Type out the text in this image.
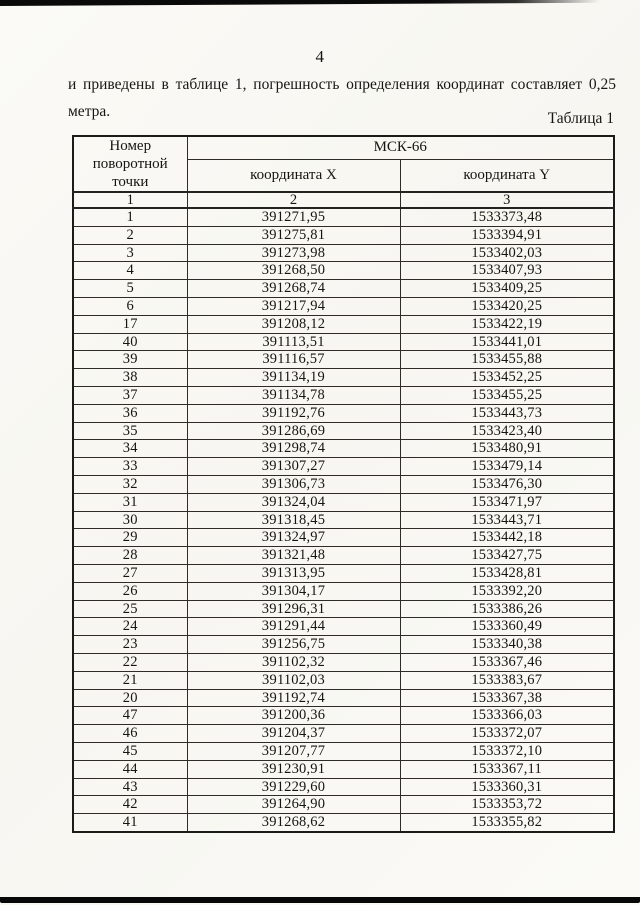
4

и приведены в таблице 1, погрешность определения координат составляет 0,25
метра.	Таблица 1
Номер поворотной точки	МСК-66	
	координата X	координата Y
1	2	3
1	391271,95	1533373,48
2	391275,81	1533394,91
3	391273,98	1533402,03
4	391268,50	1533407,93
5	391268,74	1533409,25
6	391217,94	1533420,25
17	391208,12	1533422,19
40	391113,51	1533441,01
39	391116,57	1533455,88
38	391134,19	1533452,25
37	391134,78	1533455,25
36	391192,76	1533443,73
35	391286,69	1533423,40
34	391298,74	1533480,91
33	391307,27	1533479,14
32	391306,73	1533476,30
31	391324,04	1533471,97
30	391318,45	1533443,71
29	391324,97	1533442,18
28	391321,48	1533427,75
27	391313,95	1533428,81
26	391304,17	1533392,20
25	391296,31	1533386,26
24	391291,44	1533360,49
23	391256,75	1533340,38
22	391102,32	1533367,46
21	391102,03	1533383,67
20	391192,74	1533367,38
47	391200,36	1533366,03
46	391204,37	1533372,07
45	391207,77	1533372,10
44	391230,91	1533367,11
43	391229,60	1533360,31
42	391264,90	1533353,72
41	391268,62	1533355,82
